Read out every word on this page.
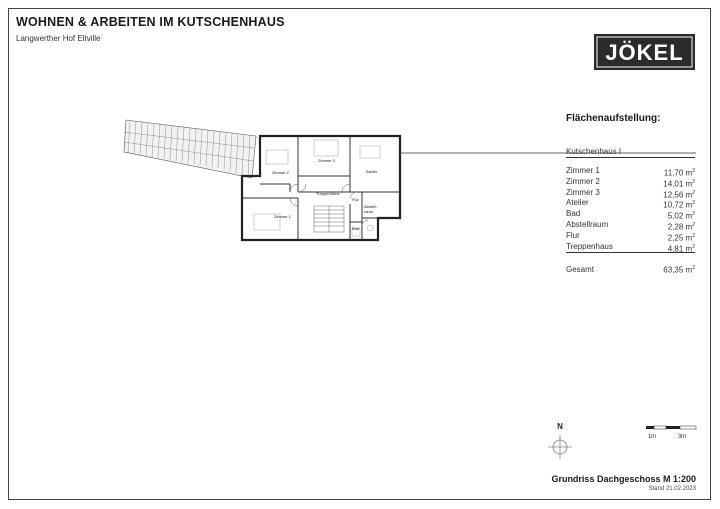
WOHNEN & ARBEITEN IM KUTSCHENHAUS
Langwerther Hof Eltville
JÖKEL
Flächenaufstellung:
Kutschenhaus I
Zimmer 1	11,70 $m^2$
Zimmer 2	14,01 $m^2$
Zimmer 3	12,56 $m^2$
Atelier	10,72 $m^2$
Bad	5,02 $m^2$
Abstellraum	2,28 $m^2$
Flur	2,25 $m^2$
Treppenhaus	4,81 $m^2$
Gesamt	63,35 $m^2$
Zimmer 2
Zimmer 3
Atelier
Treppenhaus
Flur
Zimmer 1
Bad
Abstell-
raum
N
1m	3m
Grundriss Dachgeschoss M 1:200
Stand 21.02.2023
